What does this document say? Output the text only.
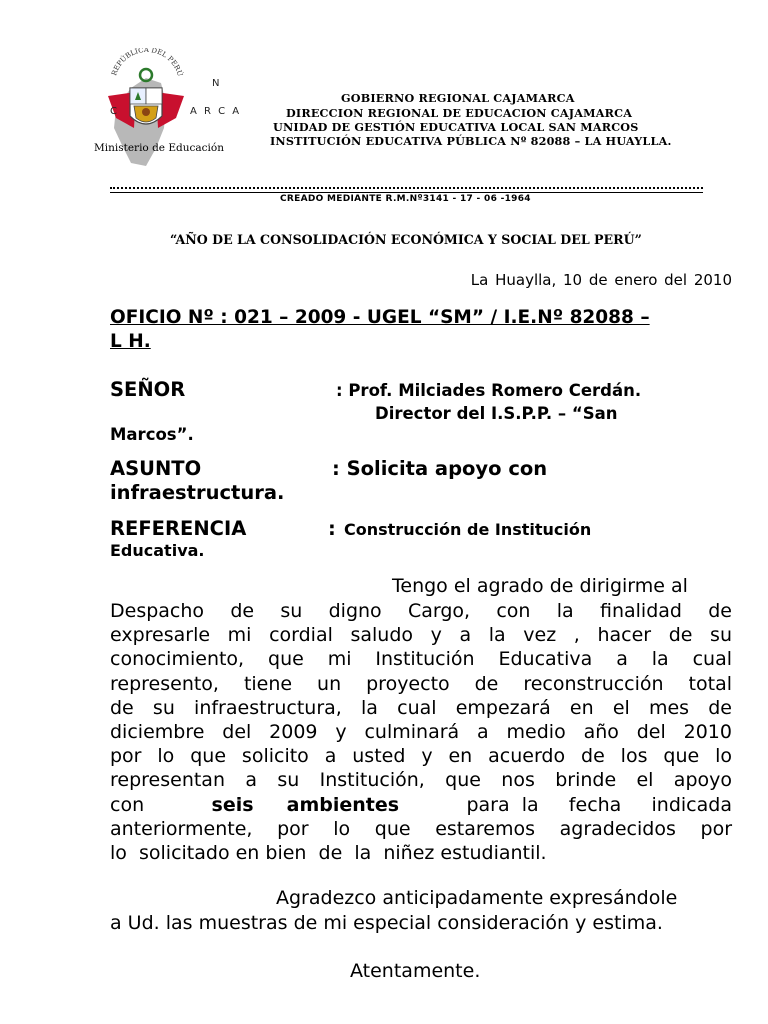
REPÚBLICA DEL PERÚ
N
C	A R C A
Ministerio de Educación
GOBIERNO REGIONAL CAJAMARCA
DIRECCION REGIONAL DE EDUCACION CAJAMARCA
UNIDAD DE GESTIÓN EDUCATIVA LOCAL SAN MARCOS
INSTITUCIÓN EDUCATIVA PÚBLICA Nº 82088 – LA HUAYLLA.
CREADO MEDIANTE R.M.Nº3141 - 17 - 06 -1964
“AÑO DE LA CONSOLIDACIÓN ECONÓMICA Y SOCIAL DEL PERÚ”
La Huaylla, 10 de enero del 2010
OFICIO Nº : 021 – 2009 - UGEL “SM” / I.E.Nº 82088 –
L H.
SEÑOR	: Prof. Milciades Romero Cerdán.
Director del I.S.P.P. – “San
Marcos”.
ASUNTO	: Solicita apoyo con
infraestructura.
REFERENCIA	: Construcción de Institución
Educativa.
Tengo el agrado de dirigirme al
Despacho de su digno Cargo, con la finalidad de
expresarle mi cordial saludo y a la vez , hacer de su
conocimiento, que mi Institución Educativa a la cual
represento, tiene un proyecto de reconstrucción total
de su infraestructura, la cual empezará en el mes de
diciembre del 2009 y culminará a medio año del 2010
por lo que solicito a usted y en acuerdo de los que lo
representan a su Institución, que nos brinde el apoyo
con	seis     ambientes	para  la     fecha     indicada
anteriormente, por lo que estaremos agradecidos por
lo  solicitado en bien  de  la  niñez estudiantil.
Agradezco anticipadamente expresándole
a Ud. las muestras de mi especial consideración y estima.
Atentamente.
